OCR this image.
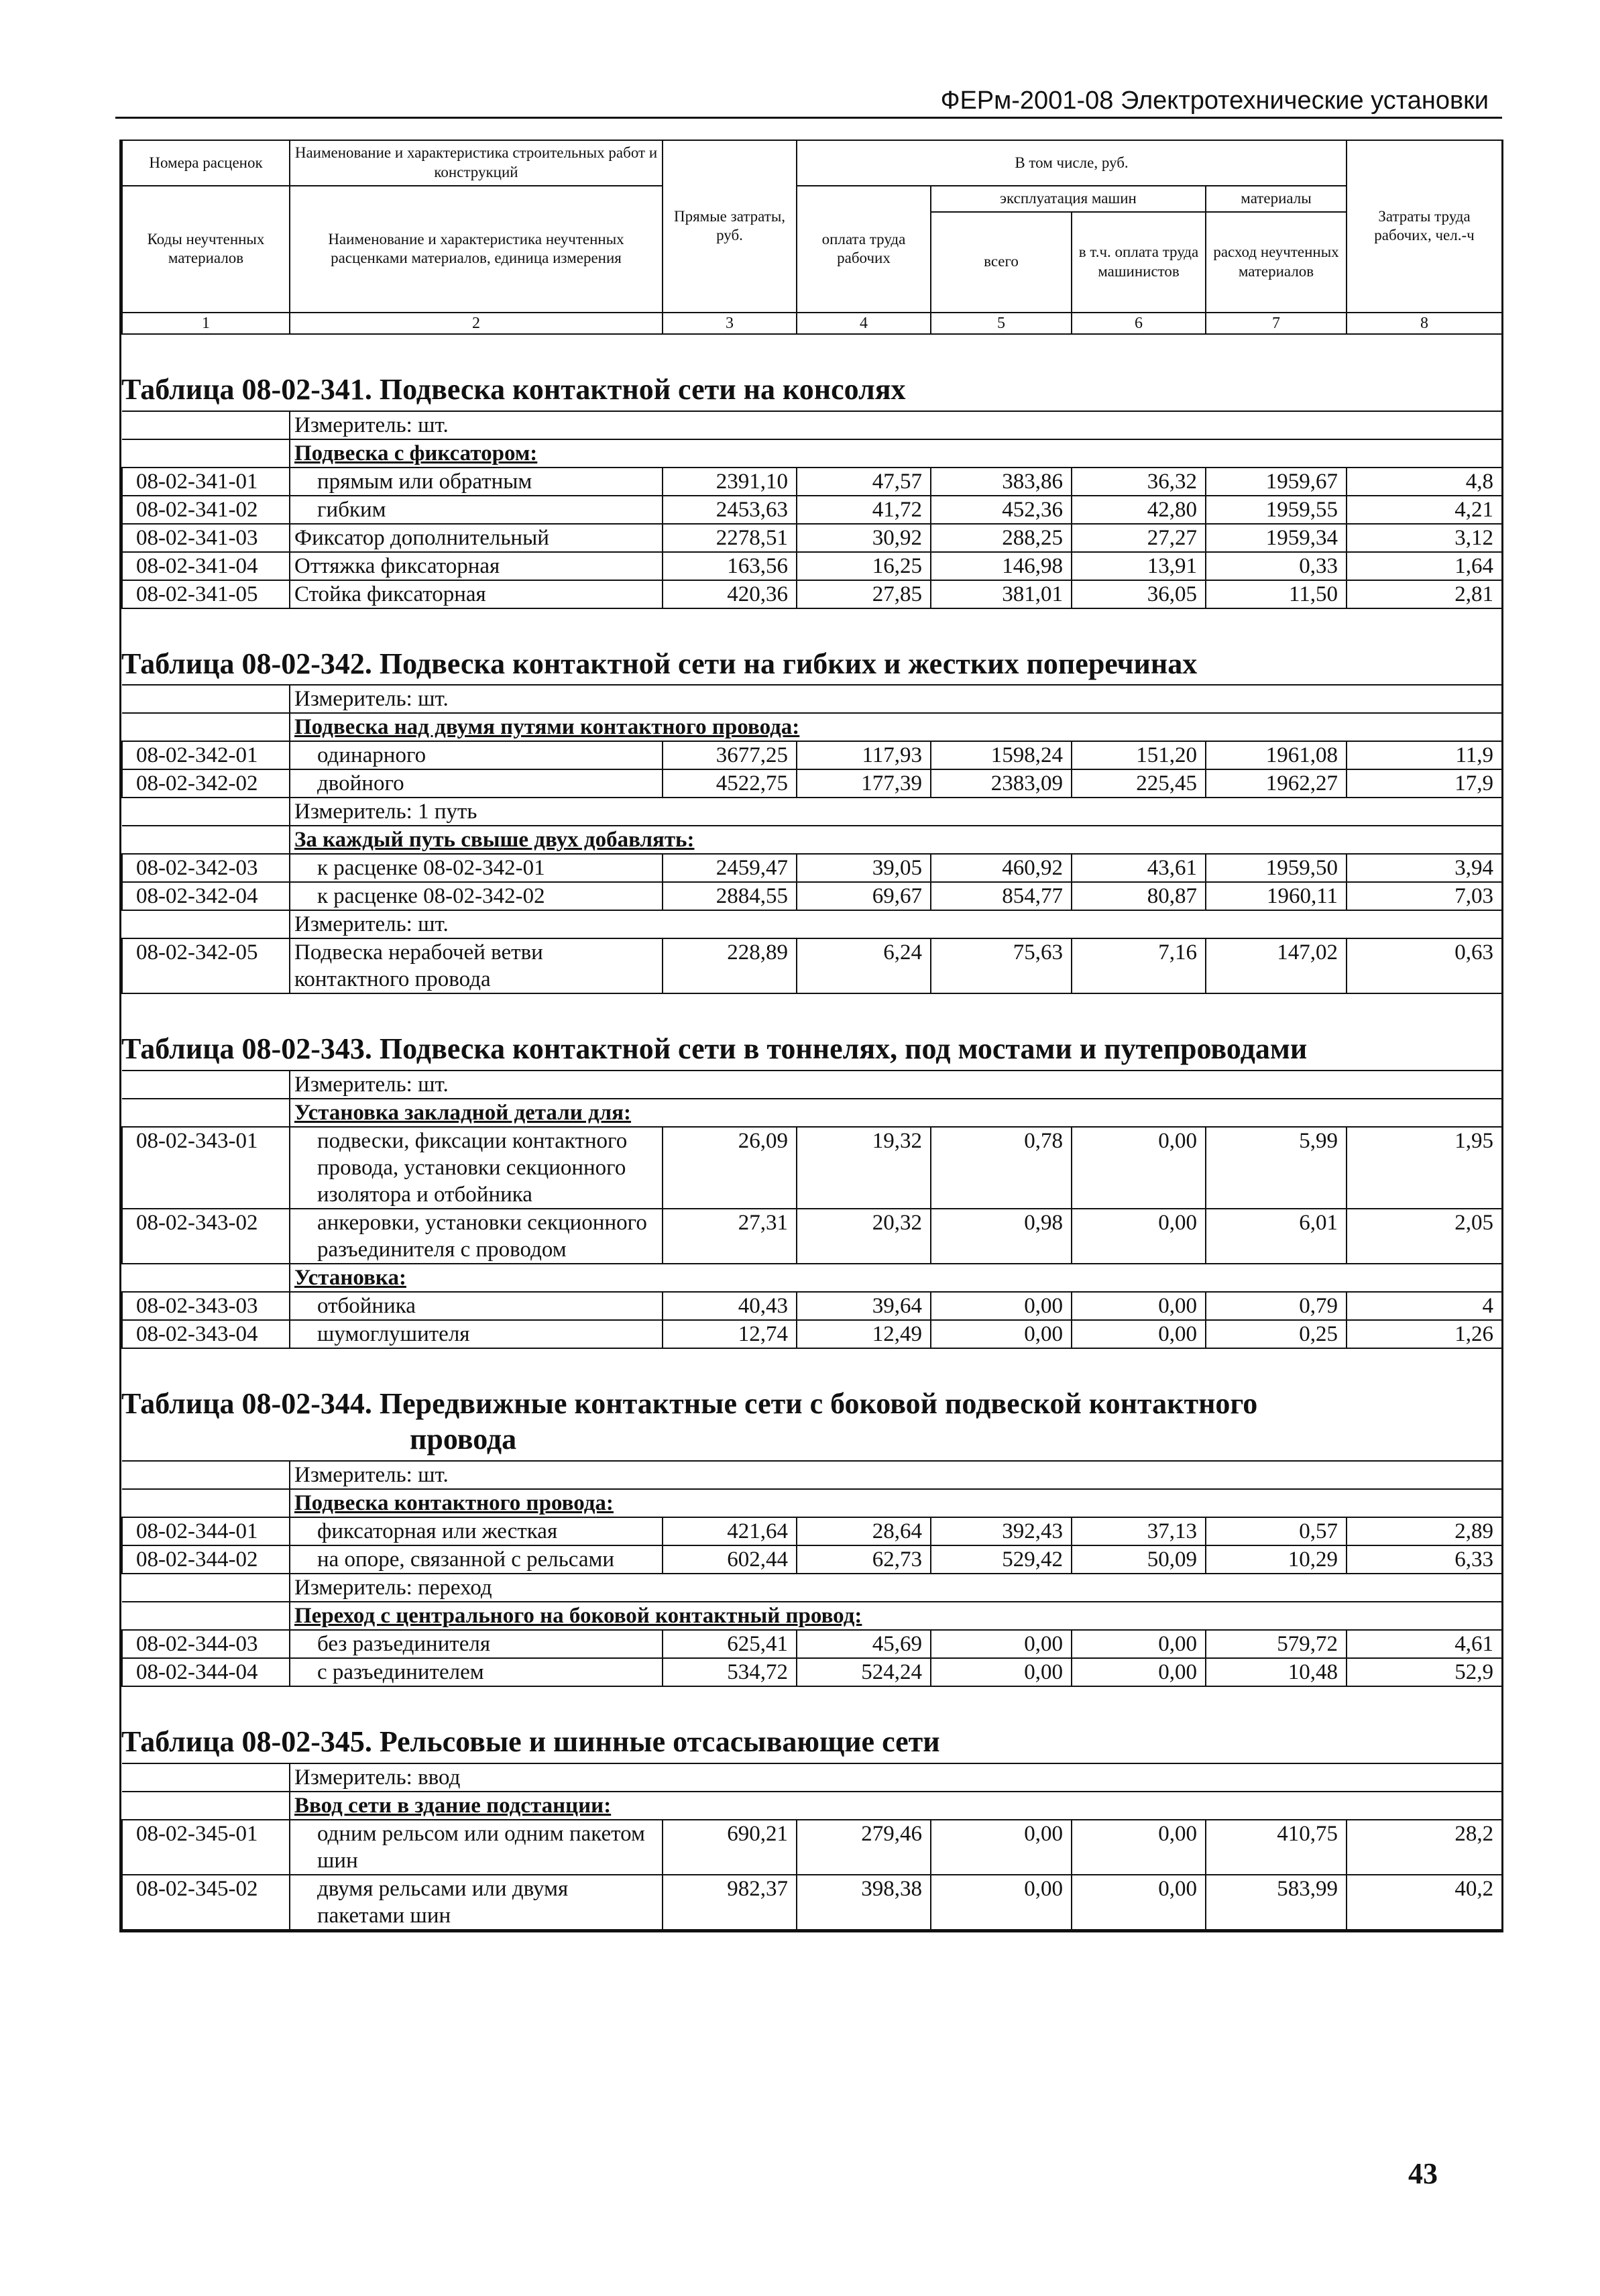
ФЕРм-2001-08 Электротехнические установки
Номера расценок	Наименование и характеристика строительных работ и конструкций	Прямые затраты, руб.	В том числе, руб.				Затраты труда рабочих, чел.-ч
Коды неучтенных материалов	Наименование и характеристика неучтенных расценками материалов, единица измерения		оплата труда рабочих	эксплуатация машин		материалы	
				всего	в т.ч. оплата труда машинистов	расход неучтенных материалов	
1	2	3	4	5	6	7	8
Таблица 08-02-341. Подвеска контактной сети на консолях
	Измеритель: шт.						
	Подвеска с фиксатором:						
08-02-341-01	прямым или обратным	2391,10	47,57	383,86	36,32	1959,67	4,8
08-02-341-02	гибким	2453,63	41,72	452,36	42,80	1959,55	4,21
08-02-341-03	Фиксатор дополнительный	2278,51	30,92	288,25	27,27	1959,34	3,12
08-02-341-04	Оттяжка фиксаторная	163,56	16,25	146,98	13,91	0,33	1,64
08-02-341-05	Стойка фиксаторная	420,36	27,85	381,01	36,05	11,50	2,81
Таблица 08-02-342. Подвеска контактной сети на гибких и жестких поперечинах
	Измеритель: шт.						
	Подвеска над двумя путями контактного провода:						
08-02-342-01	одинарного	3677,25	117,93	1598,24	151,20	1961,08	11,9
08-02-342-02	двойного	4522,75	177,39	2383,09	225,45	1962,27	17,9
	Измеритель: 1 путь						
	За каждый путь свыше двух добавлять:						
08-02-342-03	к расценке 08-02-342-01	2459,47	39,05	460,92	43,61	1959,50	3,94
08-02-342-04	к расценке 08-02-342-02	2884,55	69,67	854,77	80,87	1960,11	7,03
	Измеритель: шт.						
08-02-342-05	Подвеска нерабочей ветви контактного провода	228,89	6,24	75,63	7,16	147,02	0,63
Таблица 08-02-343. Подвеска контактной сети в тоннелях, под мостами и путепроводами
	Измеритель: шт.						
	Установка закладной детали для:						
08-02-343-01	подвески, фиксации контактного провода, установки секционного изолятора и отбойника	26,09	19,32	0,78	0,00	5,99	1,95
08-02-343-02	анкеровки, установки секционного разъединителя с проводом	27,31	20,32	0,98	0,00	6,01	2,05
	Установка:						
08-02-343-03	отбойника	40,43	39,64	0,00	0,00	0,79	4
08-02-343-04	шумоглушителя	12,74	12,49	0,00	0,00	0,25	1,26
Таблица 08-02-344. Передвижные контактные сети с боковой подвеской контактного
провода
	Измеритель: шт.						
	Подвеска контактного провода:						
08-02-344-01	фиксаторная или жесткая	421,64	28,64	392,43	37,13	0,57	2,89
08-02-344-02	на опоре, связанной с рельсами	602,44	62,73	529,42	50,09	10,29	6,33
	Измеритель: переход						
	Переход с центрального на боковой контактный провод:						
08-02-344-03	без разъединителя	625,41	45,69	0,00	0,00	579,72	4,61
08-02-344-04	с разъединителем	534,72	524,24	0,00	0,00	10,48	52,9
Таблица 08-02-345. Рельсовые и шинные отсасывающие сети
	Измеритель: ввод						
	Ввод сети в здание подстанции:						
08-02-345-01	одним рельсом или одним пакетом шин	690,21	279,46	0,00	0,00	410,75	28,2
08-02-345-02	двумя рельсами или двумя пакетами шин	982,37	398,38	0,00	0,00	583,99	40,2
43
